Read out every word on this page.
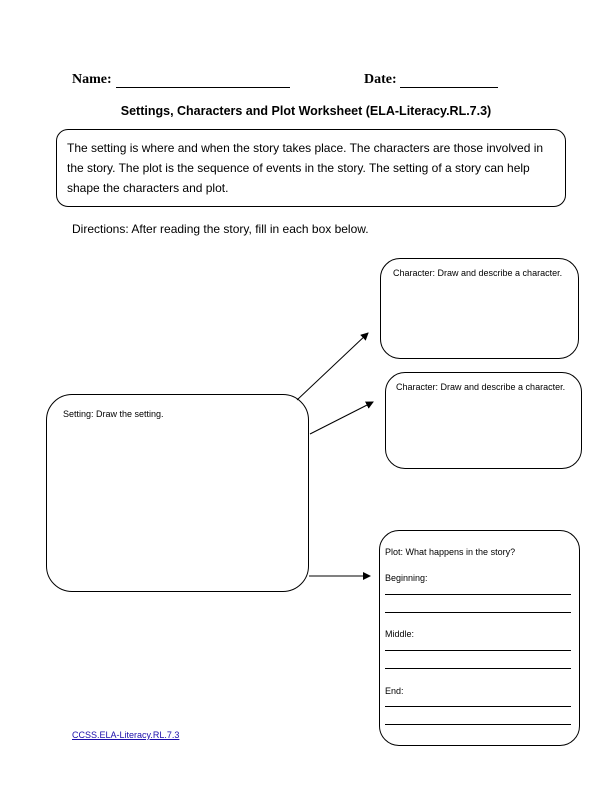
Name:	Date:
Settings, Characters and Plot Worksheet (ELA-Literacy.RL.7.3)
The setting is where and when the story takes place. The characters are those involved in the story. The plot is the sequence of events in the story. The setting of a story can help shape the characters and plot.
Directions: After reading the story, fill in each box below.
Character: Draw and describe a character.
Character: Draw and describe a character.
Setting: Draw the setting.
Plot: What happens in the story?
Beginning:
Middle:
End:
CCSS.ELA-Literacy.RL.7.3
